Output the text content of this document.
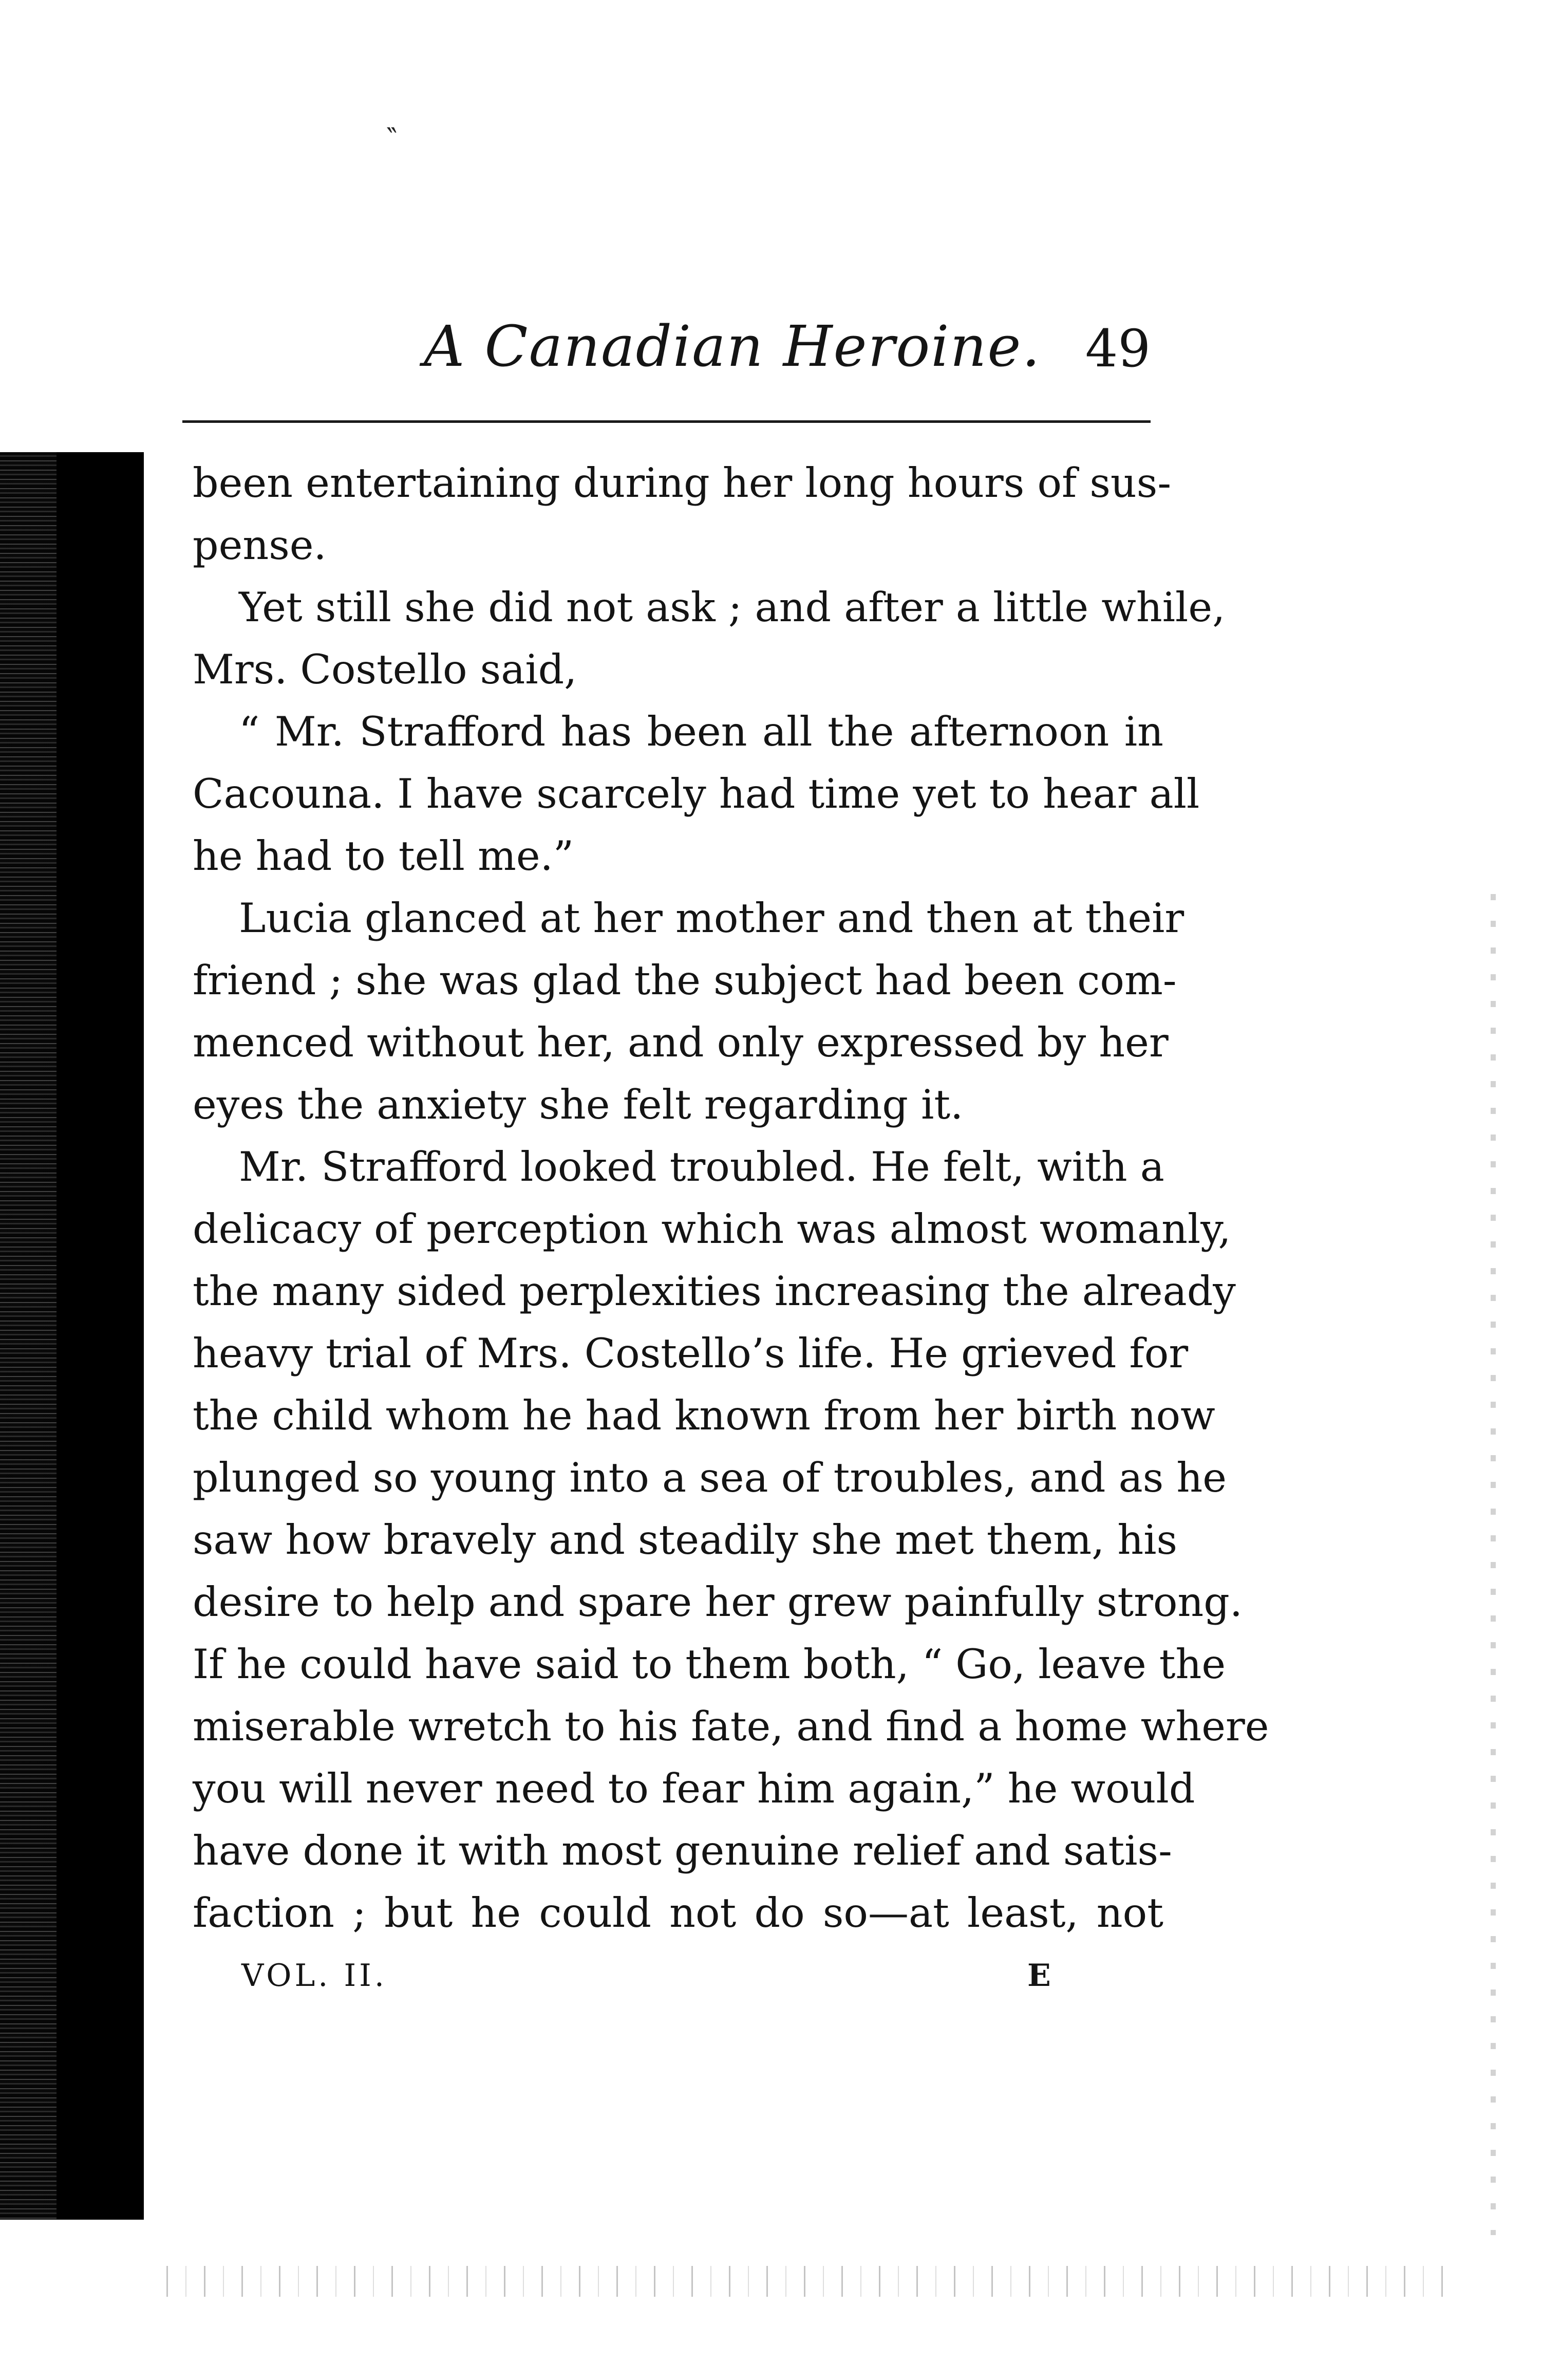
‶
A Canadian Heroine. 49
been entertaining during her long hours of sus-
pense.
Yet still she did not ask ; and after a little while,
Mrs. Costello said,
“ Mr. Strafford has been all the afternoon in
Cacouna. I have scarcely had time yet to hear all
he had to tell me.”
Lucia glanced at her mother and then at their
friend ; she was glad the subject had been com-
menced without her, and only expressed by her
eyes the anxiety she felt regarding it.
Mr. Strafford looked troubled. He felt, with a
delicacy of perception which was almost womanly,
the many sided perplexities increasing the already
heavy trial of Mrs. Costello’s life. He grieved for
the child whom he had known from her birth now
plunged so young into a sea of troubles, and as he
saw how bravely and steadily she met them, his
desire to help and spare her grew painfully strong.
If he could have said to them both, “ Go, leave the
miserable wretch to his fate, and find a home where
you will never need to fear him again,” he would
have done it with most genuine relief and satis-
faction ; but he could not do so—at least, not
VOL. II.	E
